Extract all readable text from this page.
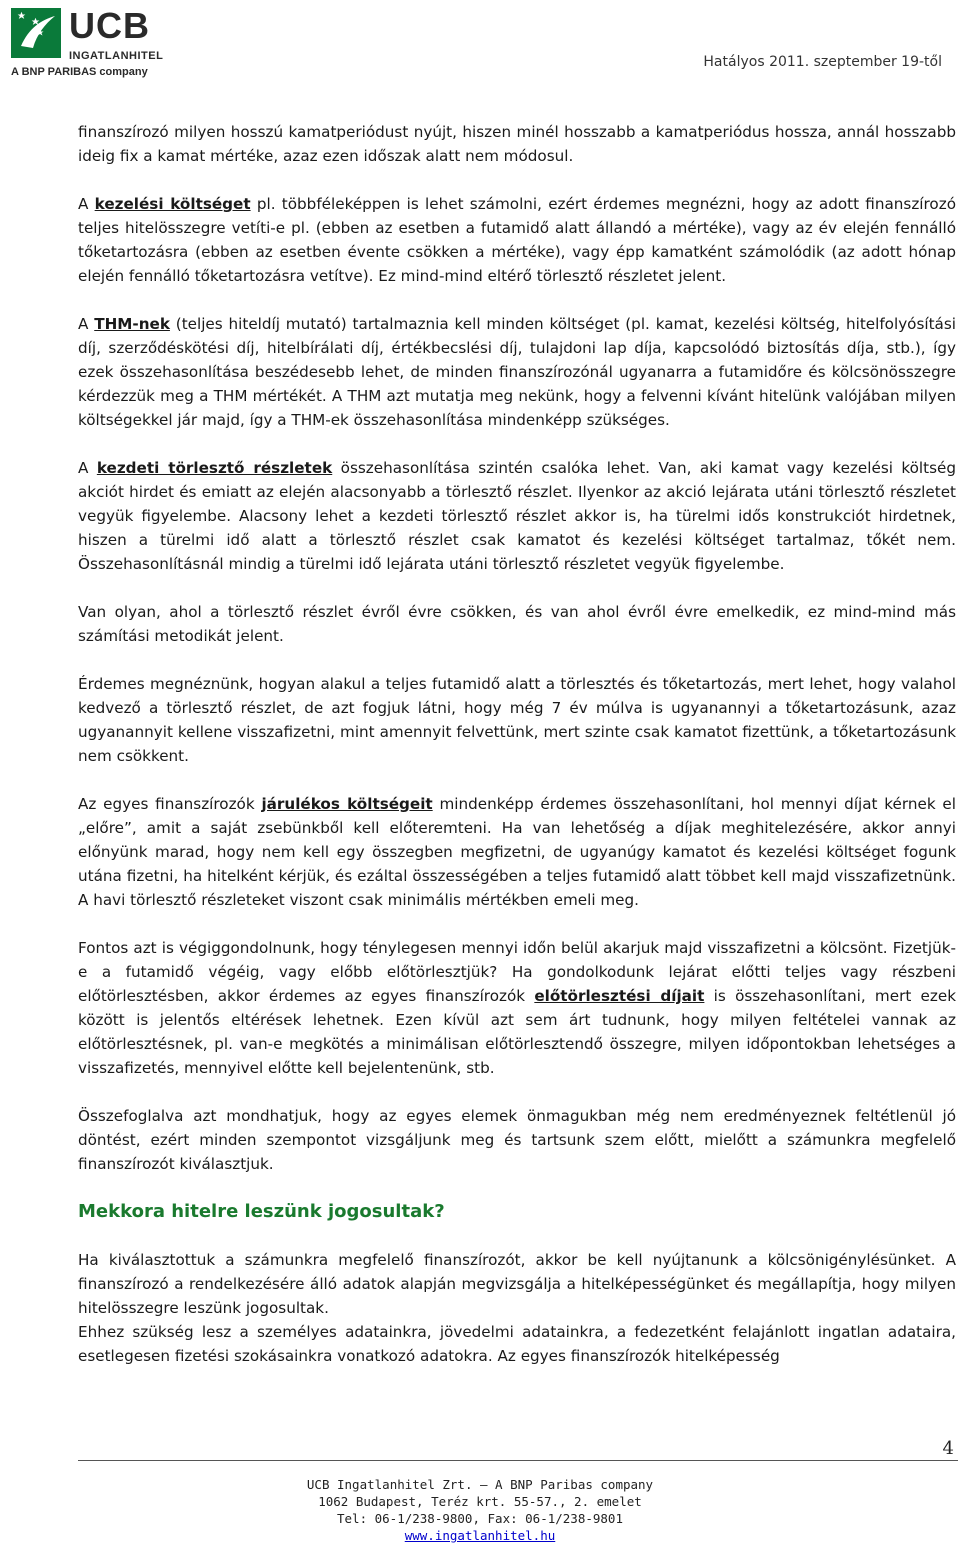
UCB
INGATLANHITEL
A BNP PARIBAS company
Hatályos 2011. szeptember 19-től

finanszírozó milyen hosszú kamatperiódust nyújt, hiszen minél hosszabb a kamatperiódus hossza, annál hosszabb ideig fix a kamat mértéke, azaz ezen időszak alatt nem módosul.

A kezelési költséget pl. többféleképpen is lehet számolni, ezért érdemes megnézni, hogy az adott finanszírozó teljes hitelösszegre vetíti-e pl. (ebben az esetben a futamidő alatt állandó a mértéke), vagy az év elején fennálló tőketartozásra (ebben az esetben évente csökken a mértéke), vagy épp kamatként számolódik (az adott hónap elején fennálló tőketartozásra vetítve). Ez mind-mind eltérő törlesztő részletet jelent.

A THM-nek (teljes hiteldíj mutató) tartalmaznia kell minden költséget (pl. kamat, kezelési költség, hitelfolyósítási díj, szerződéskötési díj, hitelbírálati díj, értékbecslési díj, tulajdoni lap díja, kapcsolódó biztosítás díja, stb.), így ezek összehasonlítása beszédesebb lehet, de minden finanszírozónál ugyanarra a futamidőre és kölcsönösszegre kérdezzük meg a THM mértékét. A THM azt mutatja meg nekünk, hogy a felvenni kívánt hitelünk valójában milyen költségekkel jár majd, így a THM-ek összehasonlítása mindenképp szükséges.

A kezdeti törlesztő részletek összehasonlítása szintén csalóka lehet. Van, aki kamat vagy kezelési költség akciót hirdet és emiatt az elején alacsonyabb a törlesztő részlet. Ilyenkor az akció lejárata utáni törlesztő részletet vegyük figyelembe. Alacsony lehet a kezdeti törlesztő részlet akkor is, ha türelmi idős konstrukciót hirdetnek, hiszen a türelmi idő alatt a törlesztő részlet csak kamatot és kezelési költséget tartalmaz, tőkét nem. Összehasonlításnál mindig a türelmi idő lejárata utáni törlesztő részletet vegyük figyelembe.

Van olyan, ahol a törlesztő részlet évről évre csökken, és van ahol évről évre emelkedik, ez mind-mind más számítási metodikát jelent.

Érdemes megnéznünk, hogyan alakul a teljes futamidő alatt a törlesztés és tőketartozás, mert lehet, hogy valahol kedvező a törlesztő részlet, de azt fogjuk látni, hogy még 7 év múlva is ugyanannyi a tőketartozásunk, azaz ugyanannyit kellene visszafizetni, mint amennyit felvettünk, mert szinte csak kamatot fizettünk, a tőketartozásunk nem csökkent.

Az egyes finanszírozók járulékos költségeit mindenképp érdemes összehasonlítani, hol mennyi díjat kérnek el „előre”, amit a saját zsebünkből kell előteremteni. Ha van lehetőség a díjak meghitelezésére, akkor annyi előnyünk marad, hogy nem kell egy összegben megfizetni, de ugyanúgy kamatot és kezelési költséget fogunk utána fizetni, ha hitelként kérjük, és ezáltal összességében a teljes futamidő alatt többet kell majd visszafizetnünk. A havi törlesztő részleteket viszont csak minimális mértékben emeli meg.

Fontos azt is végiggondolnunk, hogy ténylegesen mennyi időn belül akarjuk majd visszafizetni a kölcsönt. Fizetjük-e a futamidő végéig, vagy előbb előtörlesztjük? Ha gondolkodunk lejárat előtti teljes vagy részbeni előtörlesztésben, akkor érdemes az egyes finanszírozók előtörlesztési díjait is összehasonlítani, mert ezek között is jelentős eltérések lehetnek. Ezen kívül azt sem árt tudnunk, hogy milyen feltételei vannak az előtörlesztésnek, pl. van-e megkötés a minimálisan előtörlesztendő összegre, milyen időpontokban lehetséges a visszafizetés, mennyivel előtte kell bejelentenünk, stb.

Összefoglalva azt mondhatjuk, hogy az egyes elemek önmagukban még nem eredményeznek feltétlenül jó döntést, ezért minden szempontot vizsgáljunk meg és tartsunk szem előtt, mielőtt a számunkra megfelelő finanszírozót kiválasztjuk.

Mekkora hitelre leszünk jogosultak?

Ha kiválasztottuk a számunkra megfelelő finanszírozót, akkor be kell nyújtanunk a kölcsönigénylésünket. A finanszírozó a rendelkezésére álló adatok alapján megvizsgálja a hitelképességünket és megállapítja, hogy milyen hitelösszegre leszünk jogosultak.

Ehhez szükség lesz a személyes adatainkra, jövedelmi adatainkra, a fedezetként felajánlott ingatlan adataira, esetlegesen fizetési szokásainkra vonatkozó adatokra. Az egyes finanszírozók hitelképesség

4
UCB Ingatlanhitel Zrt. – A BNP Paribas company
1062 Budapest, Teréz krt. 55-57., 2. emelet
Tel: 06-1/238-9800, Fax: 06-1/238-9801
www.ingatlanhitel.hu
